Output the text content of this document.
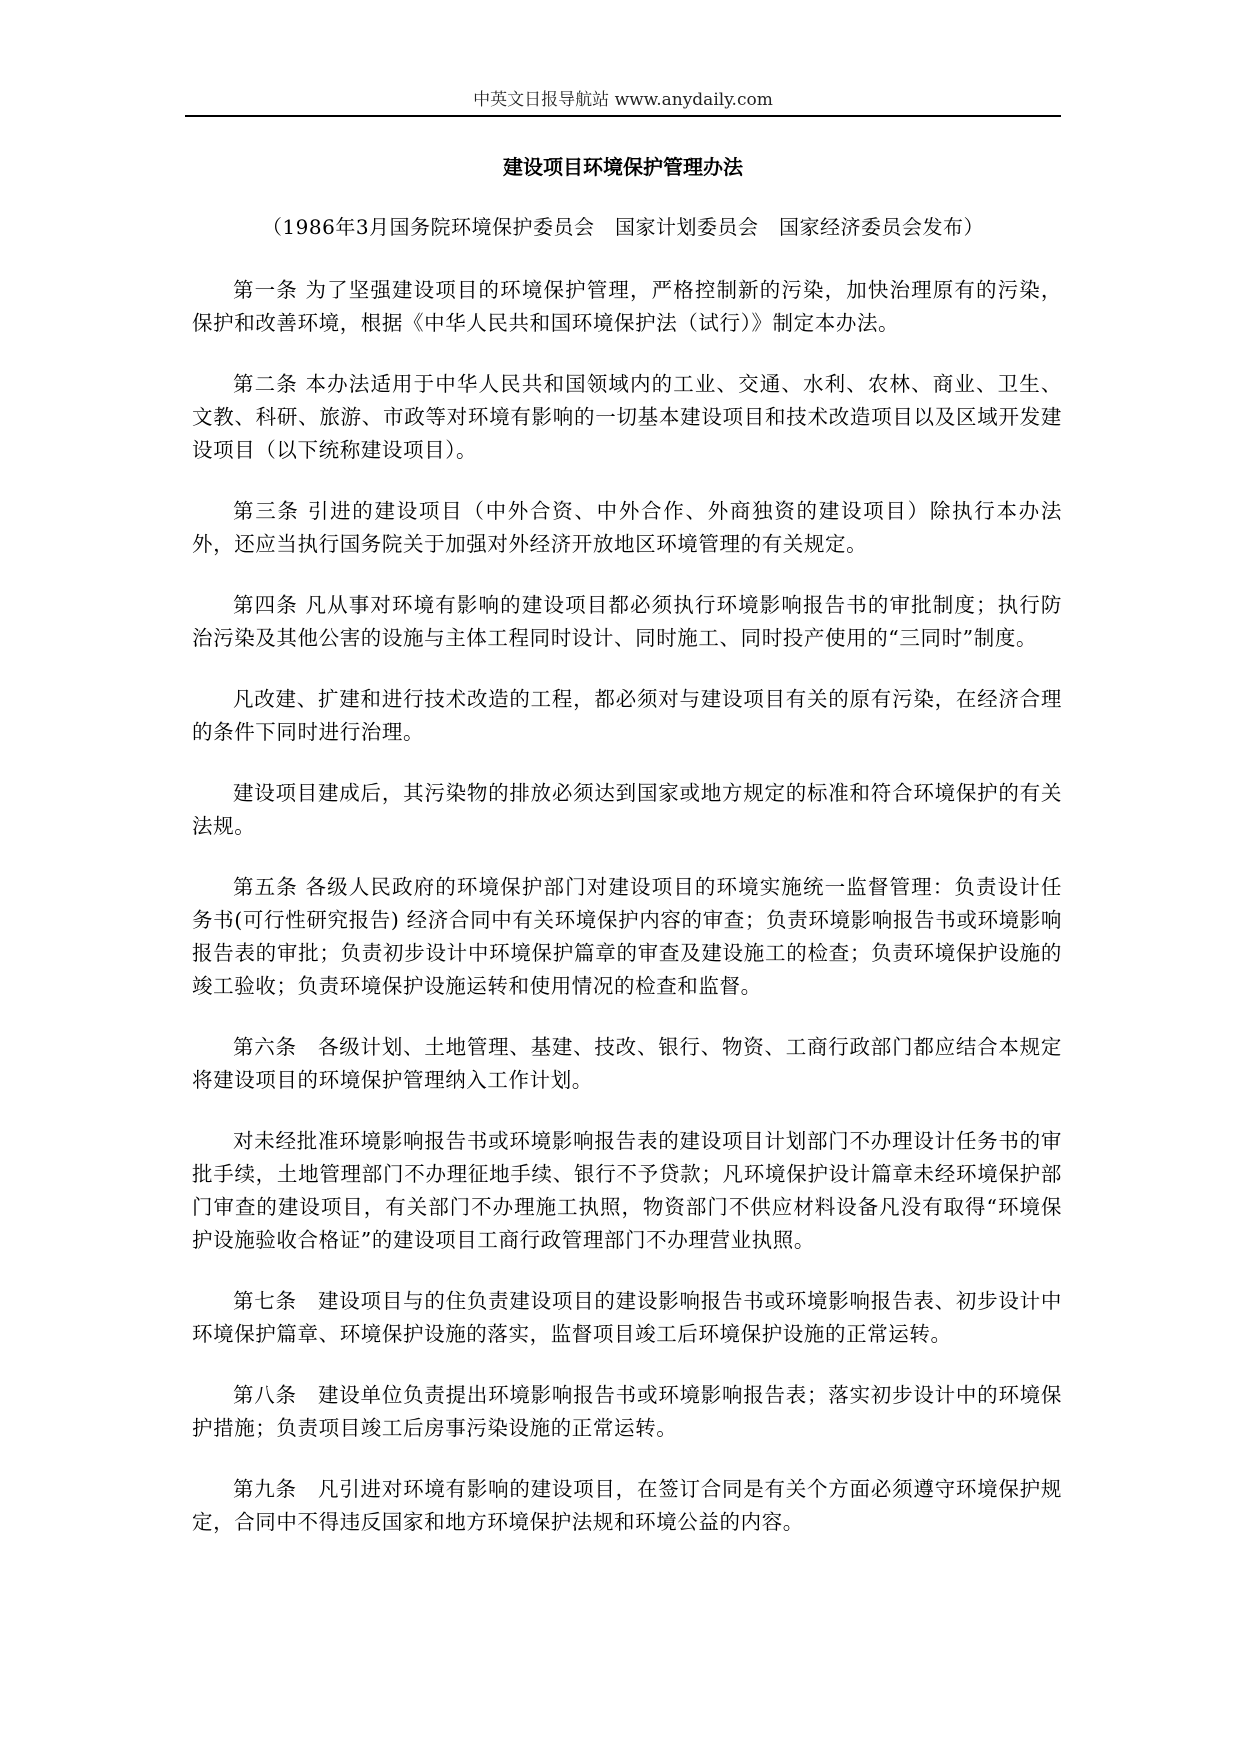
中英文日报导航站 www.anydaily.com
建设项目环境保护管理办法
（1986年3月国务院环境保护委员会　国家计划委员会　国家经济委员会发布）

第一条 为了坚强建设项目的环境保护管理，严格控制新的污染，加快治理原有的污染，保护和改善环境，根据《中华人民共和国环境保护法（试行）》制定本办法。

第二条 本办法适用于中华人民共和国领域内的工业、交通、水利、农林、商业、卫生、文教、科研、旅游、市政等对环境有影响的一切基本建设项目和技术改造项目以及区域开发建设项目（以下统称建设项目）。

第三条 引进的建设项目（中外合资、中外合作、外商独资的建设项目）除执行本办法外，还应当执行国务院关于加强对外经济开放地区环境管理的有关规定。

第四条 凡从事对环境有影响的建设项目都必须执行环境影响报告书的审批制度；执行防治污染及其他公害的设施与主体工程同时设计、同时施工、同时投产使用的“三同时”制度。

凡改建、扩建和进行技术改造的工程，都必须对与建设项目有关的原有污染，在经济合理的条件下同时进行治理。

建设项目建成后，其污染物的排放必须达到国家或地方规定的标准和符合环境保护的有关法规。

第五条 各级人民政府的环境保护部门对建设项目的环境实施统一监督管理：负责设计任务书(可行性研究报告) 经济合同中有关环境保护内容的审查；负责环境影响报告书或环境影响报告表的审批；负责初步设计中环境保护篇章的审查及建设施工的检查；负责环境保护设施的竣工验收；负责环境保护设施运转和使用情况的检查和监督。

第六条　各级计划、土地管理、基建、技改、银行、物资、工商行政部门都应结合本规定将建设项目的环境保护管理纳入工作计划。

对未经批准环境影响报告书或环境影响报告表的建设项目计划部门不办理设计任务书的审批手续，土地管理部门不办理征地手续、银行不予贷款；凡环境保护设计篇章未经环境保护部门审查的建设项目，有关部门不办理施工执照，物资部门不供应材料设备凡没有取得“环境保护设施验收合格证”的建设项目工商行政管理部门不办理营业执照。

第七条　建设项目与的住负责建设项目的建设影响报告书或环境影响报告表、初步设计中环境保护篇章、环境保护设施的落实，监督项目竣工后环境保护设施的正常运转。

第八条　建设单位负责提出环境影响报告书或环境影响报告表；落实初步设计中的环境保护措施；负责项目竣工后房事污染设施的正常运转。

第九条　凡引进对环境有影响的建设项目，在签订合同是有关个方面必须遵守环境保护规定，合同中不得违反国家和地方环境保护法规和环境公益的内容。
